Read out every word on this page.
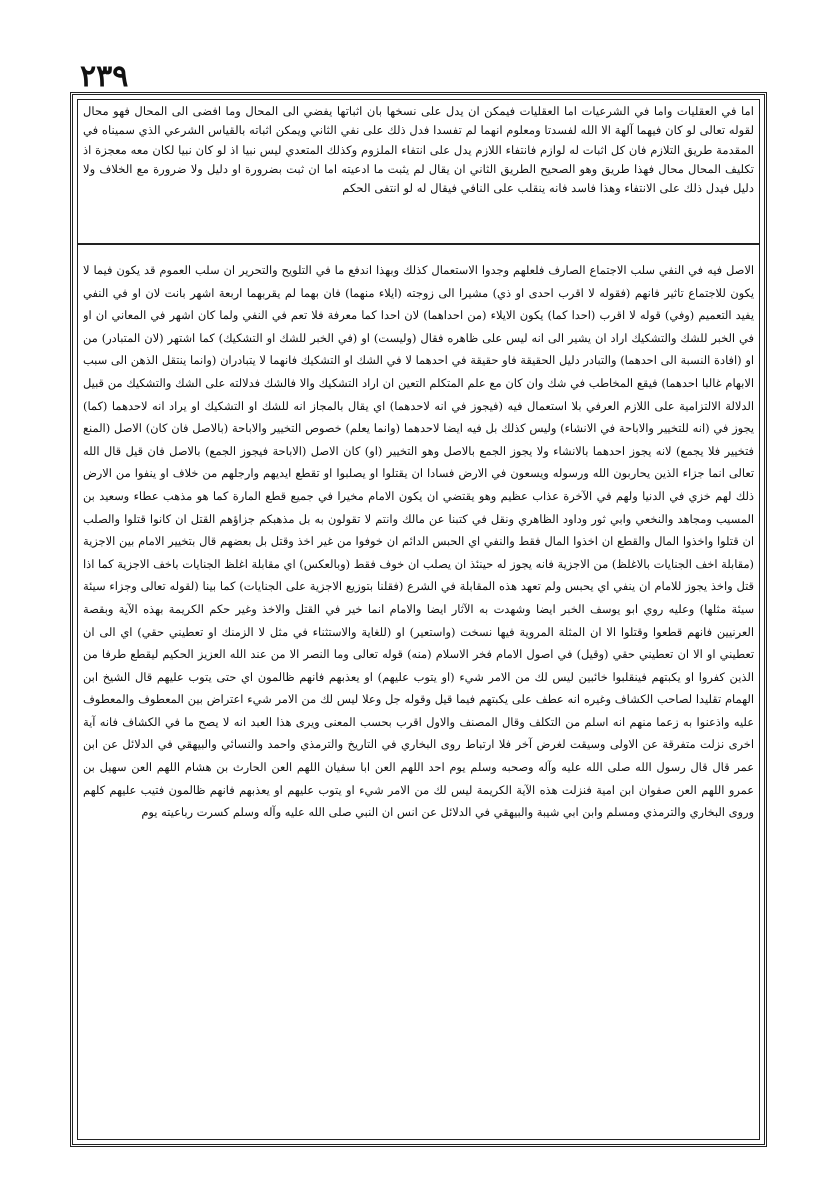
٢٣٩

اما في العقليات واما في الشرعيات اما العقليات فيمكن ان يدل على نسخها بان اثباتها يفضي الى المحال وما افضى الى المحال فهو محال لقوله تعالى لو كان فيهما آلهة الا الله لفسدتا ومعلوم انهما لم تفسدا فدل ذلك على نفي الثاني ويمكن اثباته بالقياس الشرعي الذي سميناه في المقدمة طريق التلازم فان كل اثبات له لوازم فانتفاء اللازم يدل على انتفاء الملزوم وكذلك المتعدي ليس نبيا اذ لو كان نبيا لكان معه معجزة اذ تكليف المحال محال فهذا طريق وهو الصحيح الطريق الثاني ان يقال لم يثبت ما ادعيته اما ان ثبت بضرورة او دليل ولا ضرورة مع الخلاف ولا دليل فيدل ذلك على الانتفاء وهذا فاسد فانه ينقلب على النافي فيقال له لو انتفى الحكم

الاصل فيه في النفي سلب الاجتماع الصارف فلعلهم وجدوا الاستعمال كذلك وبهذا اندفع ما في التلويح والتحرير ان سلب العموم قد يكون فيما لا يكون للاجتماع تاثير فانهم (فقوله لا اقرب احدى او ذي) مشيرا الى زوجته (ايلاء منهما) فان بهما لم يقربهما اربعة اشهر بانت لان او في النفي يفيد التعميم (وفي) قوله لا اقرب (احدا كما) يكون الايلاء (من احداهما) لان احدا كما معرفة فلا تعم في النفي ولما كان اشهر في المعاني ان او في الخبر للشك والتشكيك اراد ان يشير الى انه ليس على ظاهره فقال (وليست) او (في الخبر للشك او التشكيك) كما اشتهر (لان المتبادر) من او (افادة النسبة الى احدهما) والتبادر دليل الحقيقة فاو حقيقة في احدهما لا في الشك او التشكيك فانهما لا يتبادران (وانما ينتقل الذهن الى سبب الابهام غالبا احدهما) فيقع المخاطب في شك وان كان مع علم المتكلم التعين ان اراد التشكيك والا فالشك فدلالته على الشك والتشكيك من قبيل الدلالة الالتزامية على اللازم العرفي بلا استعمال فيه (فيجوز في انه لاحدهما) اي يقال بالمجاز انه للشك او التشكيك او يراد انه لاحدهما (كما) يجوز في (انه للتخيير والاباحة في الانشاء) وليس كذلك بل فيه ايضا لاحدهما (وانما يعلم) خصوص التخيير والاباحة (بالاصل فان كان) الاصل (المنع فتخيير فلا يجمع) لانه يجوز احدهما بالانشاء ولا يجوز الجمع بالاصل وهو التخيير (او) كان الاصل (الاباحة فيجوز الجمع) بالاصل فان قيل قال الله تعالى انما جزاء الذين يحاربون الله ورسوله ويسعون في الارض فسادا ان يقتلوا او يصلبوا او تقطع ايديهم وارجلهم من خلاف او ينفوا من الارض ذلك لهم خزي في الدنيا ولهم في الآخرة عذاب عظيم وهو يقتضي ان يكون الامام مخيرا في جميع قطع المارة كما هو مذهب عطاء وسعيد بن المسيب ومجاهد والنخعي وابي ثور وداود الظاهري ونقل في كتبنا عن مالك وانتم لا تقولون به بل مذهبكم جزاؤهم القتل ان كانوا قتلوا والصلب ان قتلوا واخذوا المال والقطع ان اخذوا المال فقط والنفي اي الحبس الدائم ان خوفوا من غير اخذ وقتل بل بعضهم قال بتخيير الامام بين الاجزية (مقابلة اخف الجنايات بالاغلظ) من الاجزية فانه يجوز له حينئذ ان يصلب ان خوف فقط (وبالعكس) اي مقابلة اغلظ الجنايات باخف الاجزية كما اذا قتل واخذ يجوز للامام ان ينفي اي يحبس ولم تعهد هذه المقابلة في الشرع (فقلنا بتوزيع الاجزية على الجنايات) كما بينا (لقوله تعالى وجزاء سيئة سيئة مثلها) وعليه روي ابو يوسف الخبر ايضا وشهدت به الآثار ايضا والامام انما خير في القتل والاخذ وغير حكم الكريمة بهذه الآية وبقصة العرنيين فانهم قطعوا وقتلوا الا ان المثلة المروية فيها نسخت (واستعير) او (للغاية والاستثناء في مثل لا الزمنك او تعطيني حقي) اي الى ان تعطيني او الا ان تعطيني حقي (وقيل) في اصول الامام فخر الاسلام (منه) قوله تعالى وما النصر الا من عند الله العزيز الحكيم ليقطع طرفا من الذين كفروا او يكبتهم فينقلبوا خائبين ليس لك من الامر شيء (او يتوب عليهم) او يعذبهم فانهم ظالمون اي حتى يتوب عليهم قال الشيخ ابن الهمام تقليدا لصاحب الكشاف وغيره انه عطف على يكبتهم فيما قيل وقوله جل وعلا ليس لك من الامر شيء اعتراض بين المعطوف والمعطوف عليه واذعنوا به زعما منهم انه اسلم من التكلف وقال المصنف والاول اقرب بحسب المعنى ويرى هذا العبد انه لا يصح ما في الكشاف فانه آية اخرى نزلت متفرقة عن الاولى وسيقت لغرض آخر فلا ارتباط روى البخاري في التاريخ والترمذي واحمد والنسائي والبيهقي في الدلائل عن ابن عمر قال قال رسول الله صلى الله عليه وآله وصحبه وسلم يوم احد اللهم العن ابا سفيان اللهم العن الحارث بن هشام اللهم العن سهيل بن عمرو اللهم العن صفوان ابن امية فنزلت هذه الآية الكريمة ليس لك من الامر شيء او يتوب عليهم او يعذبهم فانهم ظالمون فتيب عليهم كلهم وروى البخاري والترمذي ومسلم وابن ابي شيبة والبيهقي في الدلائل عن انس ان النبي صلى الله عليه وآله وسلم كسرت رباعيته يوم
